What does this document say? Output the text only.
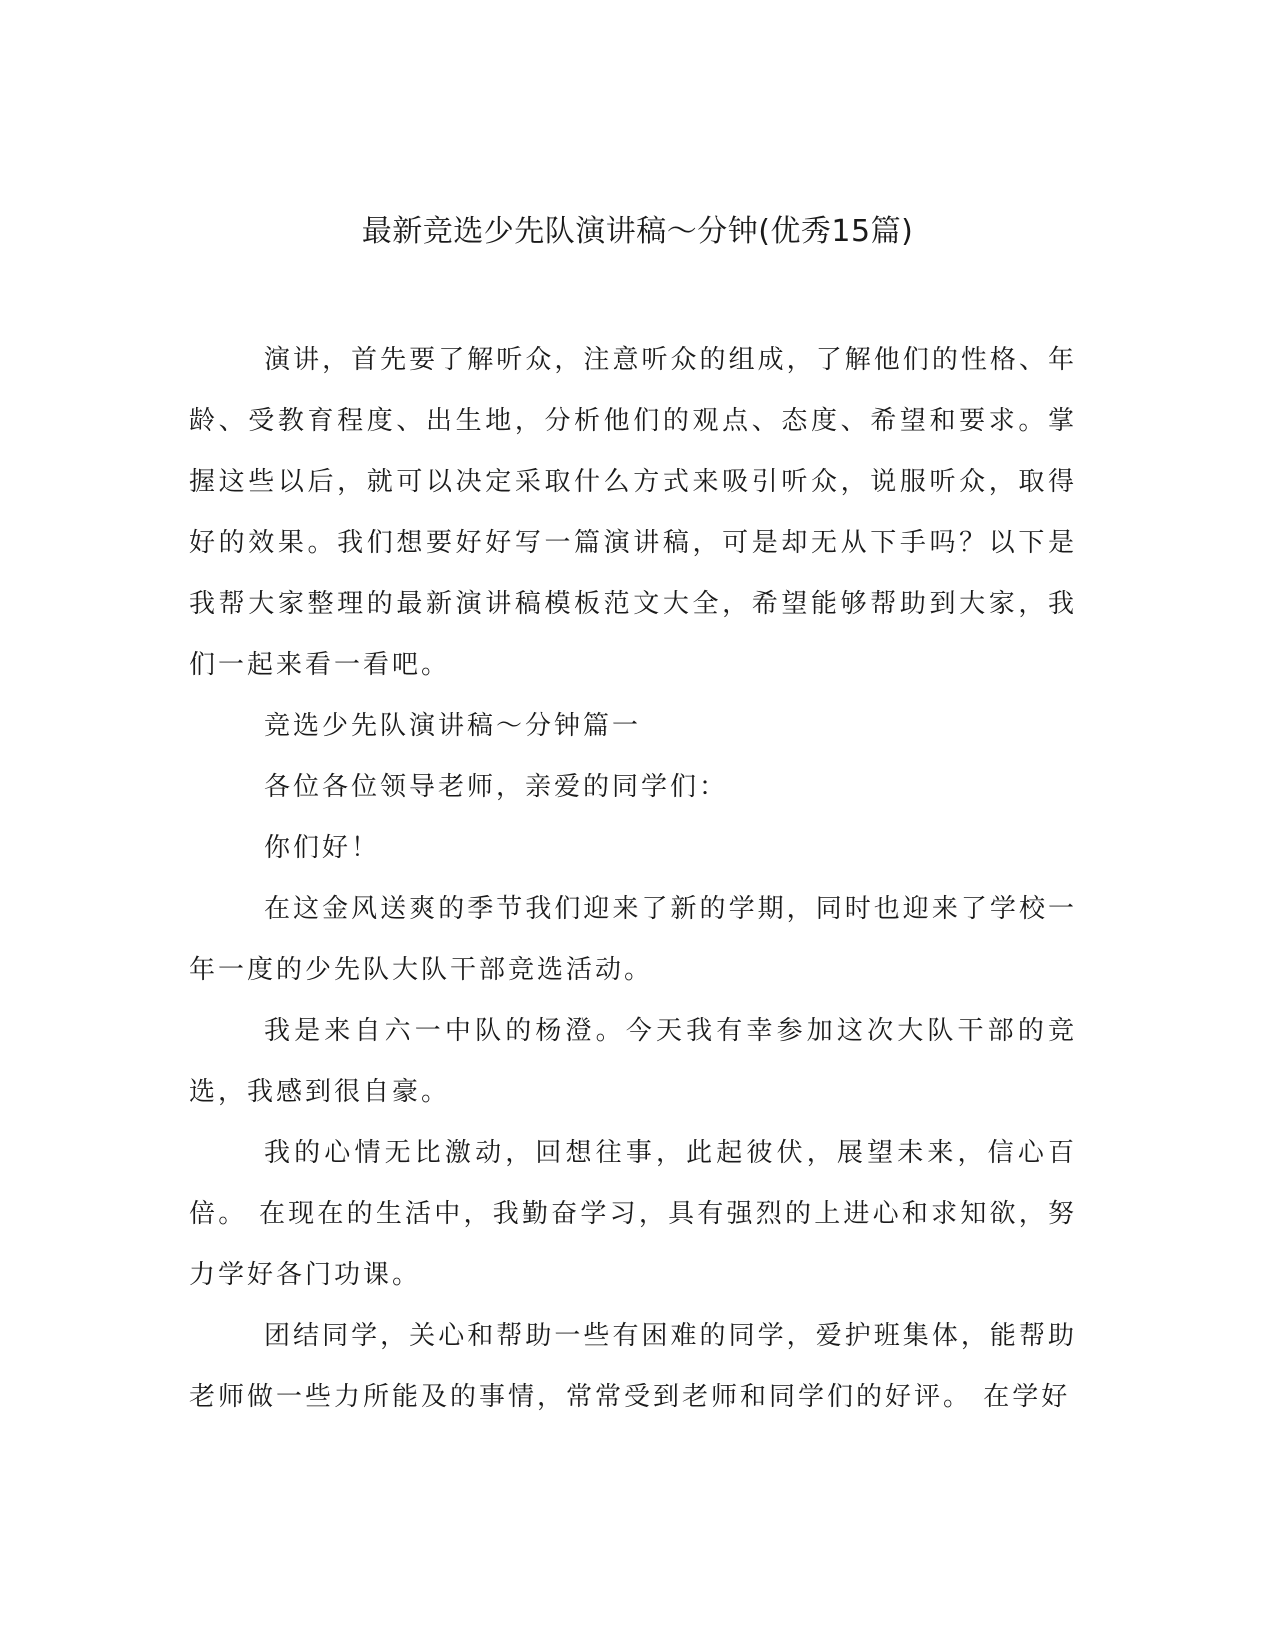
最新竞选少先队演讲稿～分钟(优秀15篇)

演讲，首先要了解听众，注意听众的组成，了解他们的性格、年龄、受教育程度、出生地，分析他们的观点、态度、希望和要求。掌握这些以后，就可以决定采取什么方式来吸引听众，说服听众，取得好的效果。我们想要好好写一篇演讲稿，可是却无从下手吗？以下是我帮大家整理的最新演讲稿模板范文大全，希望能够帮助到大家，我们一起来看一看吧。

竞选少先队演讲稿～分钟篇一

各位各位领导老师，亲爱的同学们：

你们好！

在这金风送爽的季节我们迎来了新的学期，同时也迎来了学校一年一度的少先队大队干部竞选活动。

我是来自六一中队的杨澄。今天我有幸参加这次大队干部的竞选，我感到很自豪。

我的心情无比激动，回想往事，此起彼伏，展望未来，信心百倍。 在现在的生活中，我勤奋学习，具有强烈的上进心和求知欲，努力学好各门功课。

团结同学，关心和帮助一些有困难的同学，爱护班集体，能帮助老师做一些力所能及的事情，常常受到老师和同学们的好评。 在学好
